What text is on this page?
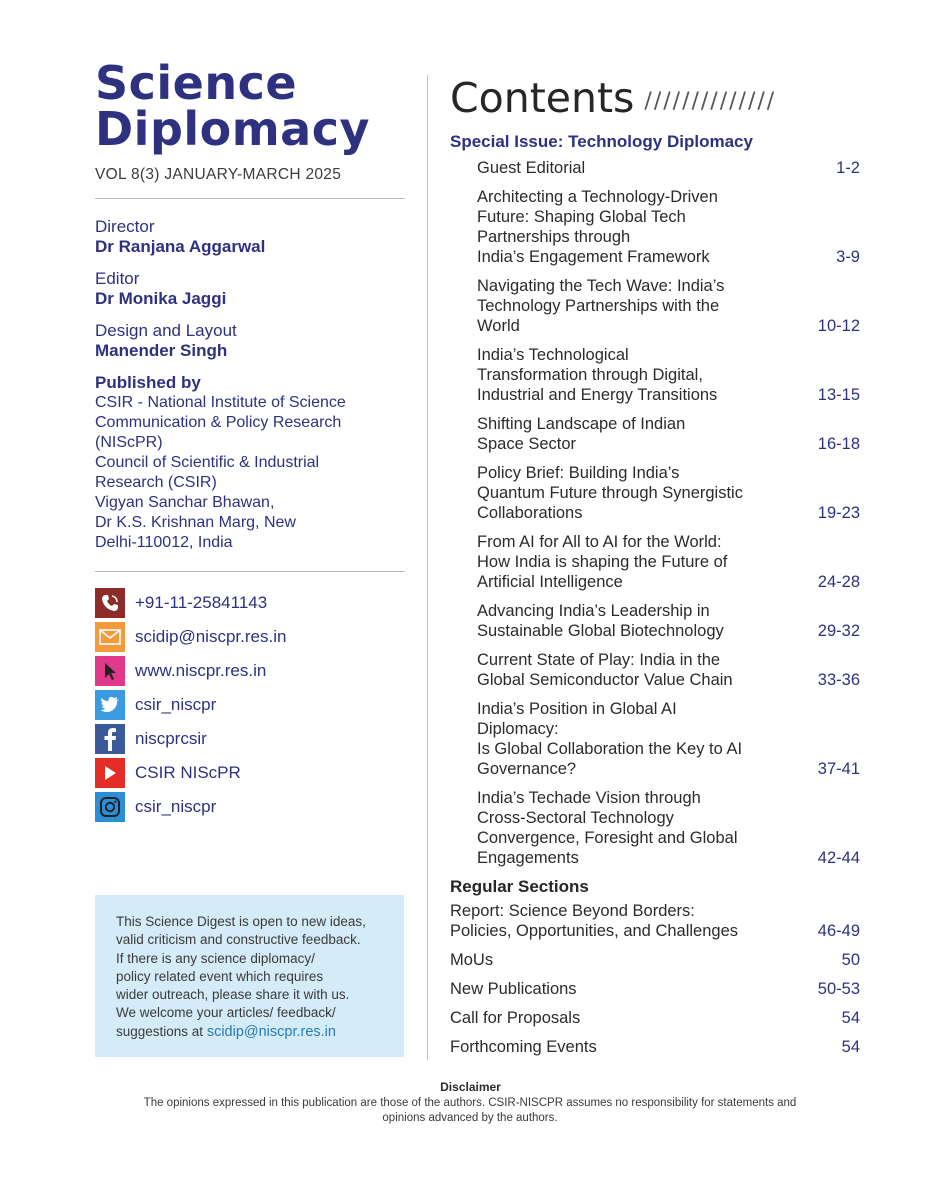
Science
Diplomacy
VOL 8(3) JANUARY-MARCH 2025

Director

Dr Ranjana Aggarwal

Editor

Dr Monika Jaggi

Design and Layout

Manender Singh

Published by

CSIR - National Institute of Science

Communication & Policy Research

(NIScPR)

Council of Scientific & Industrial

Research (CSIR)

Vigyan Sanchar Bhawan,

Dr K.S. Krishnan Marg, New

Delhi-110012, India

+91-11-25841143
scidip@niscpr.res.in
www.niscpr.res.in
csir_niscpr
niscprcsir
CSIR NIScPR
csir_niscpr
This Science Digest is open to new ideas,
valid criticism and constructive feedback.
If there is any science diplomacy/
policy related event which requires
wider outreach, please share it with us.
We welcome your articles/ feedback/
suggestions at scidip@niscpr.res.in
Contents //////////////
Special Issue: Technology Diplomacy
Guest Editorial	1-2
Architecting a Technology-Driven
Future: Shaping Global Tech
Partnerships through
India’s Engagement Framework	3-9
Navigating the Tech Wave: India’s
Technology Partnerships with the
World	10-12
India’s Technological
Transformation through Digital,
Industrial and Energy Transitions	13-15
Shifting Landscape of Indian
Space Sector	16-18
Policy Brief: Building India’s
Quantum Future through Synergistic
Collaborations	19-23
From AI for All to AI for the World:
How India is shaping the Future of
Artificial Intelligence	24-28
Advancing India’s Leadership in
Sustainable Global Biotechnology	29-32
Current State of Play: India in the
Global Semiconductor Value Chain	33-36
India’s Position in Global AI
Diplomacy:
Is Global Collaboration the Key to AI
Governance?	37-41
India’s Techade Vision through
Cross-Sectoral Technology
Convergence, Foresight and Global
Engagements	42-44
Regular Sections
Report: Science Beyond Borders:
Policies, Opportunities, and Challenges	46-49
MoUs	50
New Publications	50-53
Call for Proposals	54
Forthcoming Events	54

Disclaimer

The opinions expressed in this publication are those of the authors. CSIR-NISCPR assumes no responsibility for statements and opinions advanced by the authors.
